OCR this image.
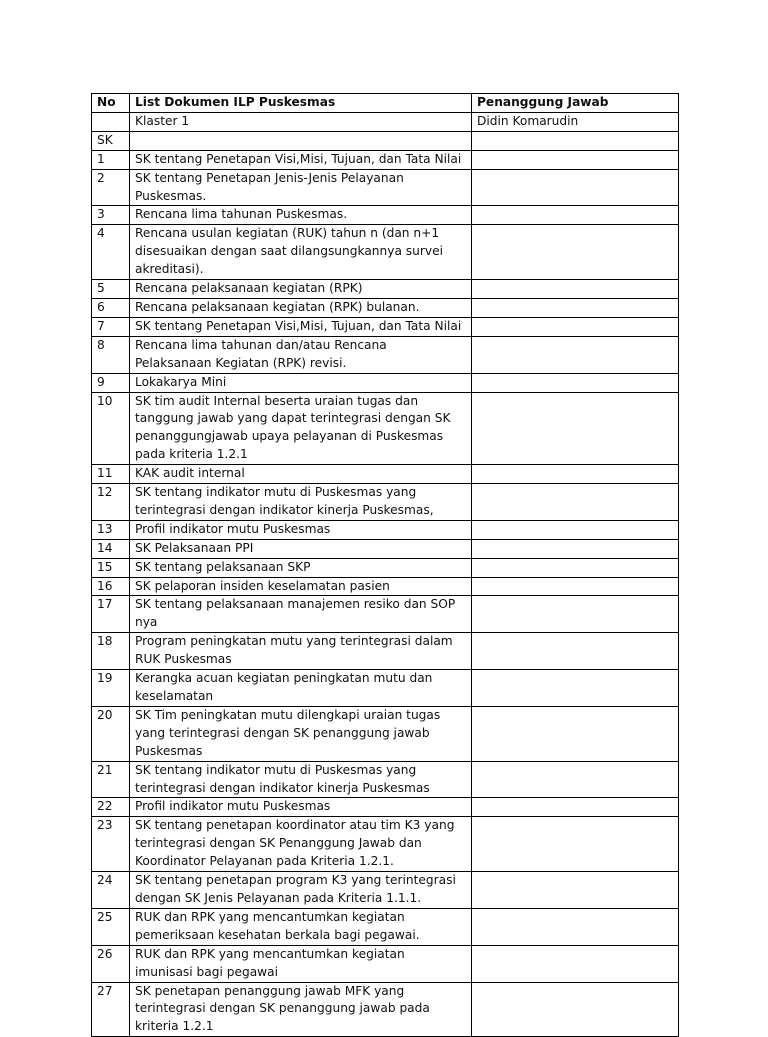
No	List Dokumen ILP Puskesmas	Penanggung Jawab
	Klaster 1	Didin Komarudin
SK		
1	SK tentang Penetapan Visi,Misi, Tujuan, dan Tata Nilai	
2	SK tentang Penetapan Jenis-Jenis Pelayanan Puskesmas.	
3	Rencana lima tahunan Puskesmas.	
4	Rencana usulan kegiatan (RUK) tahun n (dan n+1 disesuaikan dengan saat dilangsungkannya survei akreditasi).	
5	Rencana pelaksanaan kegiatan (RPK)	
6	Rencana pelaksanaan kegiatan (RPK) bulanan.	
7	SK tentang Penetapan Visi,Misi, Tujuan, dan Tata Nilai	
8	Rencana lima tahunan dan/atau Rencana Pelaksanaan Kegiatan (RPK) revisi.	
9	Lokakarya Mini	
10	SK tim audit Internal beserta uraian tugas dan tanggung jawab yang dapat terintegrasi dengan SK penanggungjawab upaya pelayanan di Puskesmas pada kriteria 1.2.1	
11	KAK audit internal	
12	SK tentang indikator mutu di Puskesmas yang terintegrasi dengan indikator kinerja Puskesmas,	
13	Profil indikator mutu Puskesmas	
14	SK Pelaksanaan PPI	
15	SK tentang pelaksanaan SKP	
16	SK pelaporan insiden keselamatan pasien	
17	SK tentang pelaksanaan manajemen resiko dan SOP nya	
18	Program peningkatan mutu yang terintegrasi dalam RUK Puskesmas	
19	Kerangka acuan kegiatan peningkatan mutu dan keselamatan	
20	SK Tim peningkatan mutu dilengkapi uraian tugas yang terintegrasi dengan SK penanggung jawab Puskesmas	
21	SK tentang indikator mutu di Puskesmas yang terintegrasi dengan indikator kinerja Puskesmas	
22	Profil indikator mutu Puskesmas	
23	SK tentang penetapan koordinator atau tim K3 yang terintegrasi dengan SK Penanggung Jawab dan Koordinator Pelayanan pada Kriteria 1.2.1.	
24	SK tentang penetapan program K3 yang terintegrasi dengan SK Jenis Pelayanan pada Kriteria 1.1.1.	
25	RUK dan RPK yang mencantumkan kegiatan pemeriksaan kesehatan berkala bagi pegawai.	
26	RUK dan RPK yang mencantumkan kegiatan imunisasi bagi pegawai	
27	SK penetapan penanggung jawab MFK yang terintegrasi dengan SK penanggung jawab pada kriteria 1.2.1	
